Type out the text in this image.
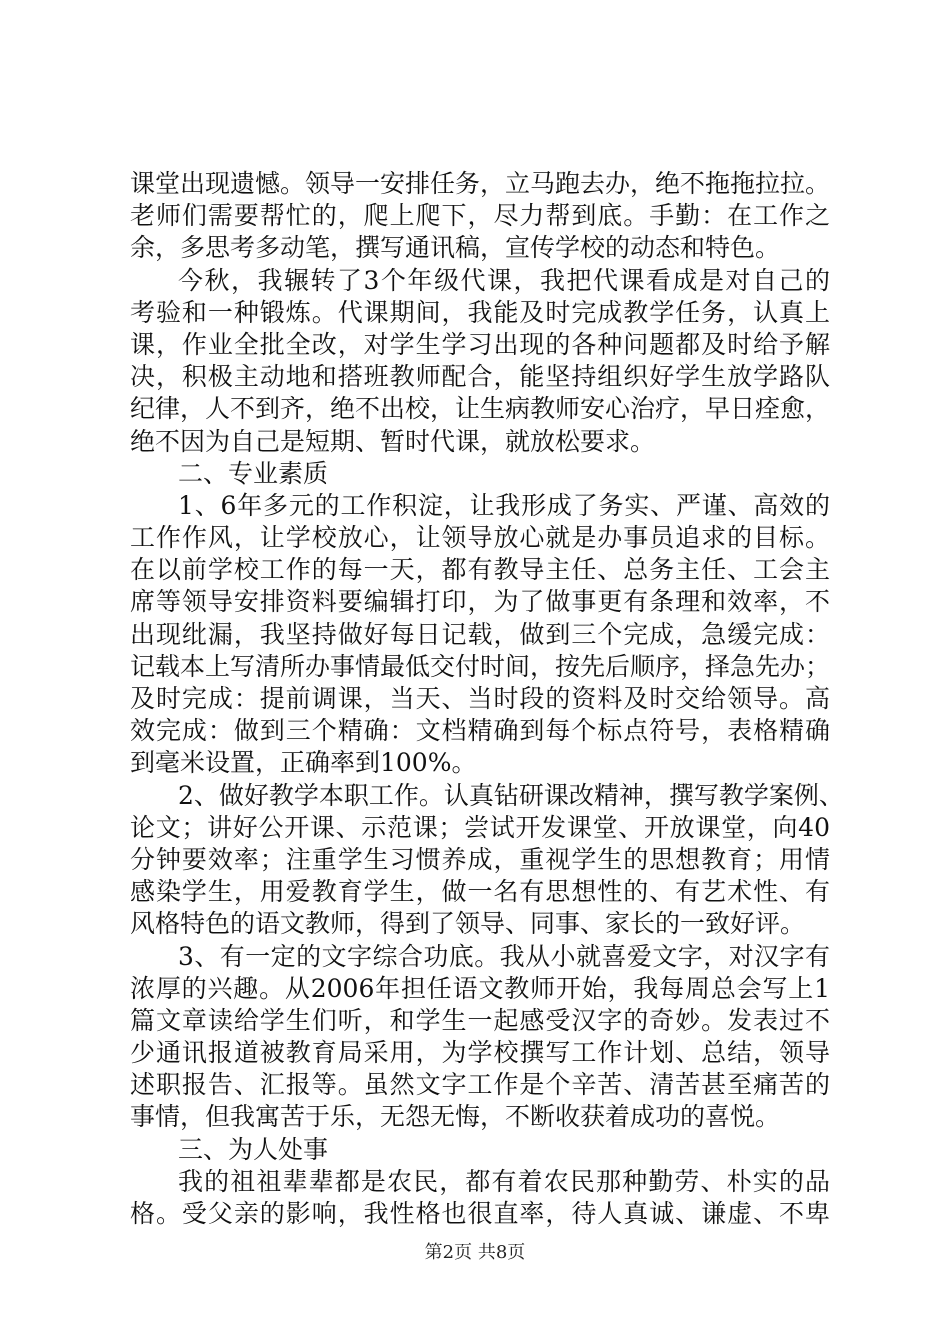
课堂出现遗憾。领导一安排任务，立马跑去办，绝不拖拖拉拉。
老师们需要帮忙的，爬上爬下，尽力帮到底。手勤：在工作之
余，多思考多动笔，撰写通讯稿，宣传学校的动态和特色。
今秋，我辗转了3个年级代课，我把代课看成是对自己的
考验和一种锻炼。代课期间，我能及时完成教学任务，认真上
课，作业全批全改，对学生学习出现的各种问题都及时给予解
决，积极主动地和搭班教师配合，能坚持组织好学生放学路队
纪律，人不到齐，绝不出校，让生病教师安心治疗，早日痊愈，
绝不因为自己是短期、暂时代课，就放松要求。
二、专业素质
1、6年多元的工作积淀，让我形成了务实、严谨、高效的
工作作风，让学校放心，让领导放心就是办事员追求的目标。
在以前学校工作的每一天，都有教导主任、总务主任、工会主
席等领导安排资料要编辑打印，为了做事更有条理和效率，不
出现纰漏，我坚持做好每日记载，做到三个完成，急缓完成：
记载本上写清所办事情最低交付时间，按先后顺序，择急先办；
及时完成：提前调课，当天、当时段的资料及时交给领导。高
效完成：做到三个精确：文档精确到每个标点符号，表格精确
到毫米设置，正确率到100%。
2、做好教学本职工作。认真钻研课改精神，撰写教学案例、
论文；讲好公开课、示范课；尝试开发课堂、开放课堂，向40
分钟要效率；注重学生习惯养成，重视学生的思想教育；用情
感染学生，用爱教育学生，做一名有思想性的、有艺术性、有
风格特色的语文教师，得到了领导、同事、家长的一致好评。
3、有一定的文字综合功底。我从小就喜爱文字，对汉字有
浓厚的兴趣。从2006年担任语文教师开始，我每周总会写上1
篇文章读给学生们听，和学生一起感受汉字的奇妙。发表过不
少通讯报道被教育局采用，为学校撰写工作计划、总结，领导
述职报告、汇报等。虽然文字工作是个辛苦、清苦甚至痛苦的
事情，但我寓苦于乐，无怨无悔，不断收获着成功的喜悦。
三、为人处事
我的祖祖辈辈都是农民，都有着农民那种勤劳、朴实的品
格。受父亲的影响，我性格也很直率，待人真诚、谦虚、不卑
第2页 共8页
